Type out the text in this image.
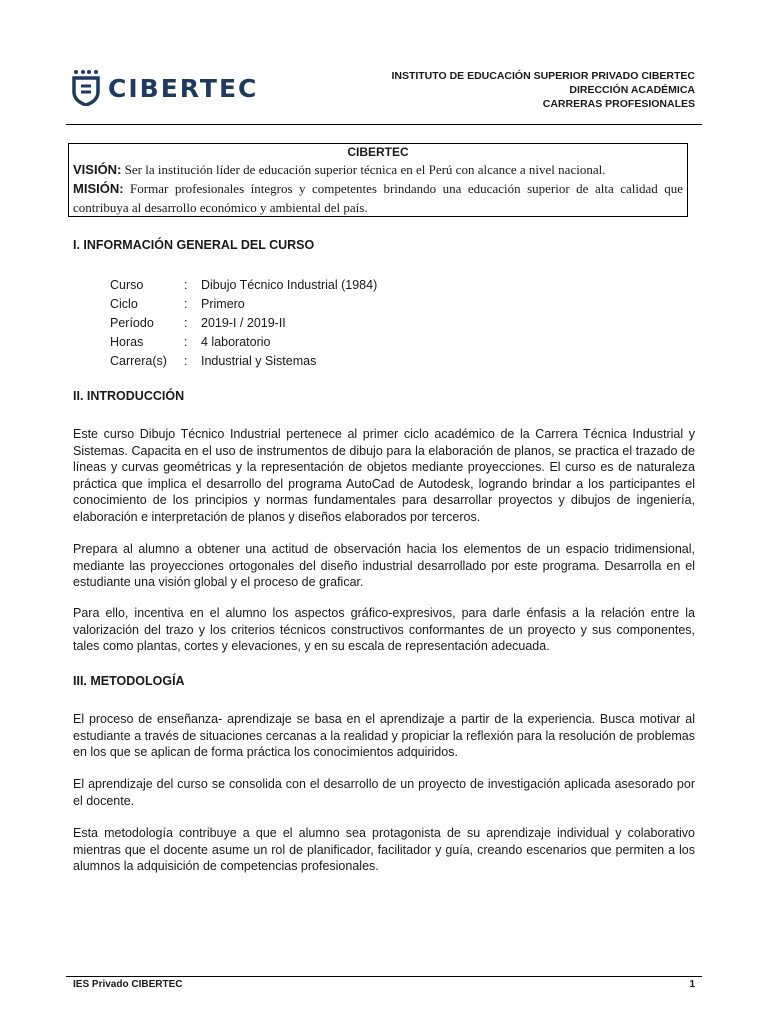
CIBERTEC	INSTITUTO DE EDUCACIÓN SUPERIOR PRIVADO CIBERTEC
DIRECCIÓN ACADÉMICA
CARRERAS PROFESIONALES
CIBERTEC
VISIÓN: Ser la institución líder de educación superior técnica en el Perú con alcance a nivel nacional.
MISIÓN: Formar profesionales íntegros y competentes brindando una educación superior de alta calidad que contribuya al desarrollo económico y ambiental del país.
I. INFORMACIÓN GENERAL DEL CURSO
Curso	:	Dibujo Técnico Industrial (1984)
Ciclo	:	Primero
Período	:	2019-I / 2019-II
Horas	:	4 laboratorio
Carrera(s)	:	Industrial y Sistemas
II. INTRODUCCIÓN
Este curso Dibujo Técnico Industrial pertenece al primer ciclo académico de la Carrera Técnica Industrial y Sistemas. Capacita en el uso de instrumentos de dibujo para la elaboración de planos, se practica el trazado de líneas y curvas geométricas y la representación de objetos mediante proyecciones. El curso es de naturaleza práctica que implica el desarrollo del programa AutoCad de Autodesk, logrando brindar a los participantes el conocimiento de los principios y normas fundamentales para desarrollar proyectos y dibujos de ingeniería, elaboración e interpretación de planos y diseños elaborados por terceros.
Prepara al alumno a obtener una actitud de observación hacia los elementos de un espacio tridimensional, mediante las proyecciones ortogonales del diseño industrial desarrollado por este programa. Desarrolla en el estudiante una visión global y el proceso de graficar.
Para ello, incentiva en el alumno los aspectos gráfico-expresivos, para darle énfasis a la relación entre la valorización del trazo y los criterios técnicos constructivos conformantes de un proyecto y sus componentes, tales como plantas, cortes y elevaciones, y en su escala de representación adecuada.
III. METODOLOGÍA
El proceso de enseñanza- aprendizaje se basa en el aprendizaje a partir de la experiencia. Busca motivar al estudiante a través de situaciones cercanas a la realidad y propiciar la reflexión para la resolución de problemas en los que se aplican de forma práctica los conocimientos adquiridos.
El aprendizaje del curso se consolida con el desarrollo de un proyecto de investigación aplicada asesorado por el docente.
Esta metodología contribuye a que el alumno sea protagonista de su aprendizaje individual y colaborativo mientras que el docente asume un rol de planificador, facilitador y guía, creando escenarios que permiten a los alumnos la adquisición de competencias profesionales.
IES Privado CIBERTEC	1
